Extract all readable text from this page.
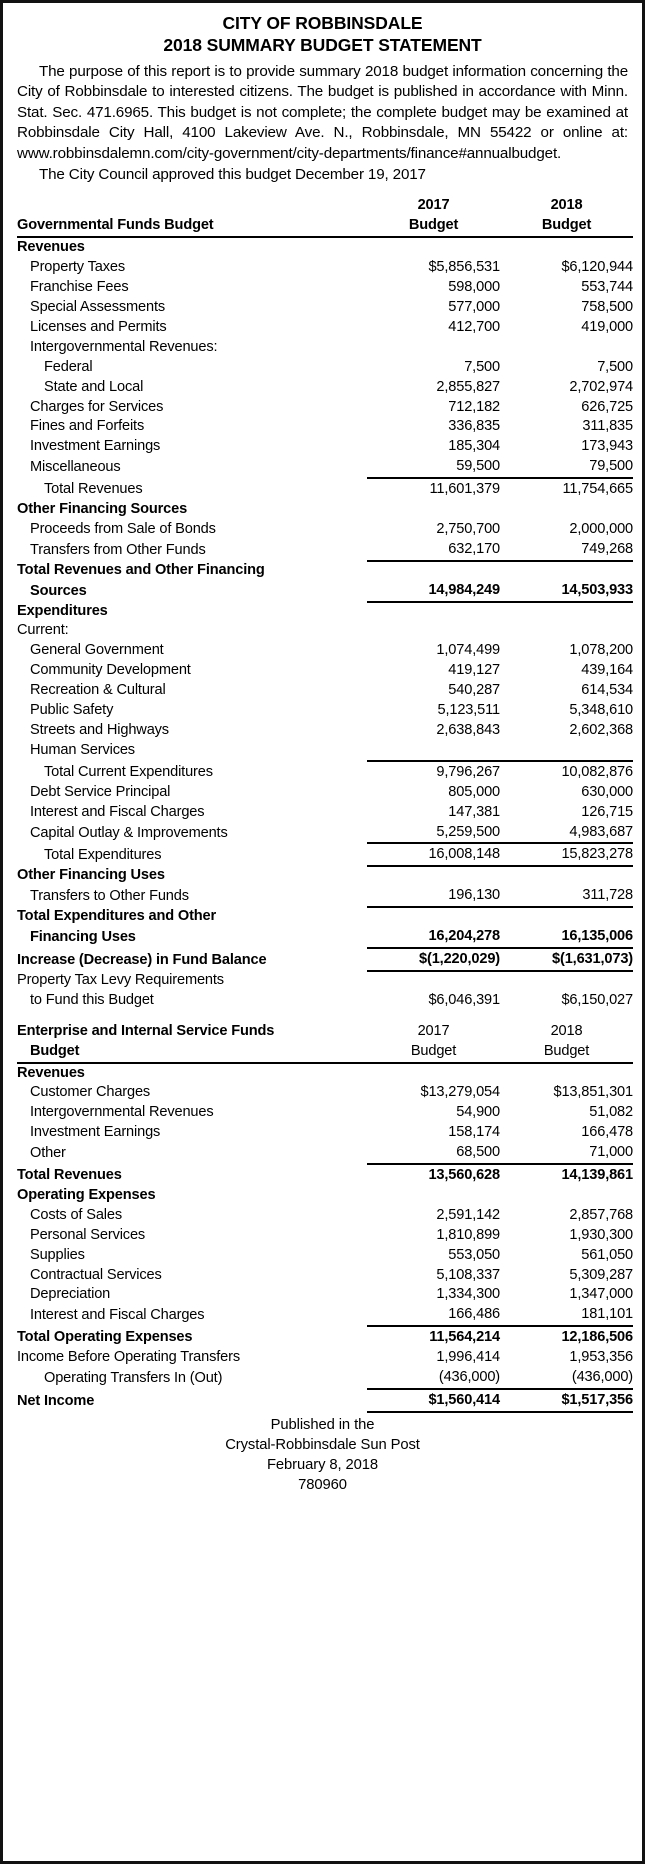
CITY OF ROBBINSDALE
2018 SUMMARY BUDGET STATEMENT
The purpose of this report is to provide summary 2018 budget information concerning the City of Robbinsdale to interested citizens. The budget is published in accordance with Minn. Stat. Sec. 471.6965. This budget is not complete; the complete budget may be examined at Robbinsdale City Hall, 4100 Lakeview Ave. N., Robbinsdale, MN 55422 or online at: www.robbinsdalemn.com/city-government/city-departments/finance#annualbudget.
The City Council approved this budget December 19, 2017

	2017	2018
Governmental Funds Budget	Budget	Budget
Revenues		
Property Taxes	$5,856,531	$6,120,944
Franchise Fees	598,000	553,744
Special Assessments	577,000	758,500
Licenses and Permits	412,700	419,000
Intergovernmental Revenues:		
Federal	7,500	7,500
State and Local	2,855,827	2,702,974
Charges for Services	712,182	626,725
Fines and Forfeits	336,835	311,835
Investment Earnings	185,304	173,943
Miscellaneous	59,500	79,500
Total Revenues	11,601,379	11,754,665
Other Financing Sources		
Proceeds from Sale of Bonds	2,750,700	2,000,000
Transfers from Other Funds	632,170	749,268
Total Revenues and Other Financing		
Sources	14,984,249	14,503,933
Expenditures		
Current:		
General Government	1,074,499	1,078,200
Community Development	419,127	439,164
Recreation & Cultural	540,287	614,534
Public Safety	5,123,511	5,348,610
Streets and Highways	2,638,843	2,602,368
Human Services		
Total Current Expenditures	9,796,267	10,082,876
Debt Service Principal	805,000	630,000
Interest and Fiscal Charges	147,381	126,715
Capital Outlay & Improvements	5,259,500	4,983,687
Total Expenditures	16,008,148	15,823,278
Other Financing Uses		
Transfers to Other Funds	196,130	311,728
Total Expenditures and Other		
Financing Uses	16,204,278	16,135,006
Increase (Decrease) in Fund Balance	$(1,220,029)	$(1,631,073)
Property Tax Levy Requirements		
to Fund this Budget	$6,046,391	$6,150,027

Enterprise and Internal Service Funds	2017	2018
Budget	Budget	Budget
Revenues		
Customer Charges	$13,279,054	$13,851,301
Intergovernmental Revenues	54,900	51,082
Investment Earnings	158,174	166,478
Other	68,500	71,000
Total Revenues	13,560,628	14,139,861
Operating Expenses		
Costs of Sales	2,591,142	2,857,768
Personal Services	1,810,899	1,930,300
Supplies	553,050	561,050
Contractual Services	5,108,337	5,309,287
Depreciation	1,334,300	1,347,000
Interest and Fiscal Charges	166,486	181,101
Total Operating Expenses	11,564,214	12,186,506
Income Before Operating Transfers	1,996,414	1,953,356
Operating Transfers In (Out)	(436,000)	(436,000)
Net Income	$1,560,414	$1,517,356
Published in the
Crystal-Robbinsdale Sun Post
February 8, 2018
780960
